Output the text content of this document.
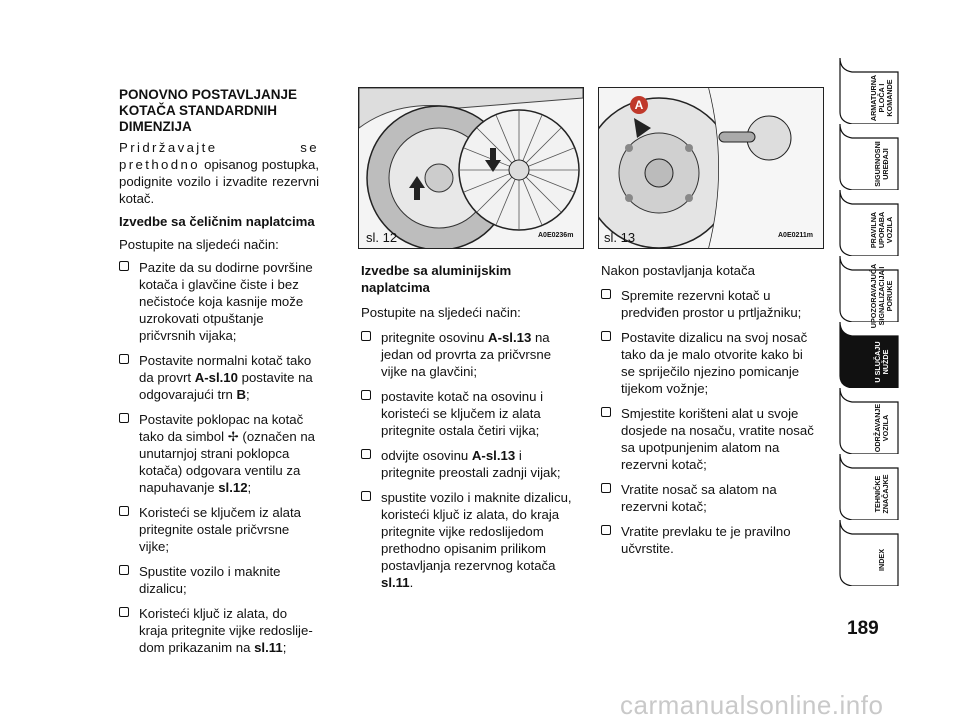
PONOVNO POSTAVLJANJE KOTAČA STANDARDNIH DIMENZIJA

Pridržavajte se prethodno opisanog postupka, podignite vozilo i izvadite rezervni kotač.

Izvedbe sa čeličnim naplatcima

Postupite na sljedeći način:

Pazite da su dodirne površine kotača i glavčine čiste i bez nečistoće koja kasnije može uzrokovati otpuštanje pričvrsnih vijaka;
Postavite normalni kotač tako da provrt A-sl.10 postavite na odgovarajući trn B;
Postavite poklopac na kotač tako da simbol ✢ (označen na unutarnjoj strani poklopca kotača) odgovara ventilu za napuhavanje sl.12;
Koristeći se ključem iz alata pritegnite ostale pričvrsne vijke;
Spustite vozilo i maknite dizalicu;
Koristeći ključ iz alata, do kraja pritegnite vijke redoslije-dom prikazanim na sl.11;
sl. 12	A0E0236m
A
sl. 13	A0E0211m

Izvedbe sa aluminijskim naplatcima

Postupite na sljedeći način:

pritegnite osovinu A-sl.13 na jedan od provrta za pričvrsne vijke na glavčini;
postavite kotač na osovinu i koristeći se ključem iz alata pritegnite ostala četiri vijka;
odvijte osovinu A-sl.13 i pritegnite preostali zadnji vijak;
spustite vozilo i maknite dizalicu, koristeći ključ iz alata, do kraja pritegnite vijke redoslijedom prethodno opisanim prilikom postavljanja rezervnog kotača sl.11.

Nakon postavljanja kotača

Spremite rezervni kotač u predviđen prostor u prtljažniku;
Postavite dizalicu na svoj nosač tako da je malo otvorite kako bi se spriječilo njezino pomicanje tijekom vožnje;
Smjestite korišteni alat u svoje dosjede na nosaču, vratite nosač sa upotpunjenim alatom na rezervni kotač;
Vratite nosač sa alatom na rezervni kotač;
Vratite prevlaku te je pravilno učvrstite.
ARMATURNA PLOČA I KOMANDE
SIGURNOSNI UREĐAJI
PRAVILNA UPORABA VOZILA
UPOZORAVAJUĆA SIGNALIZACIJA I PORUKE
U SLUČAJU NUŽDE
ODRŽAVANJE VOZILA
TEHNIČKE ZNAČAJKE
INDEX
189
carmanualsonline.info
